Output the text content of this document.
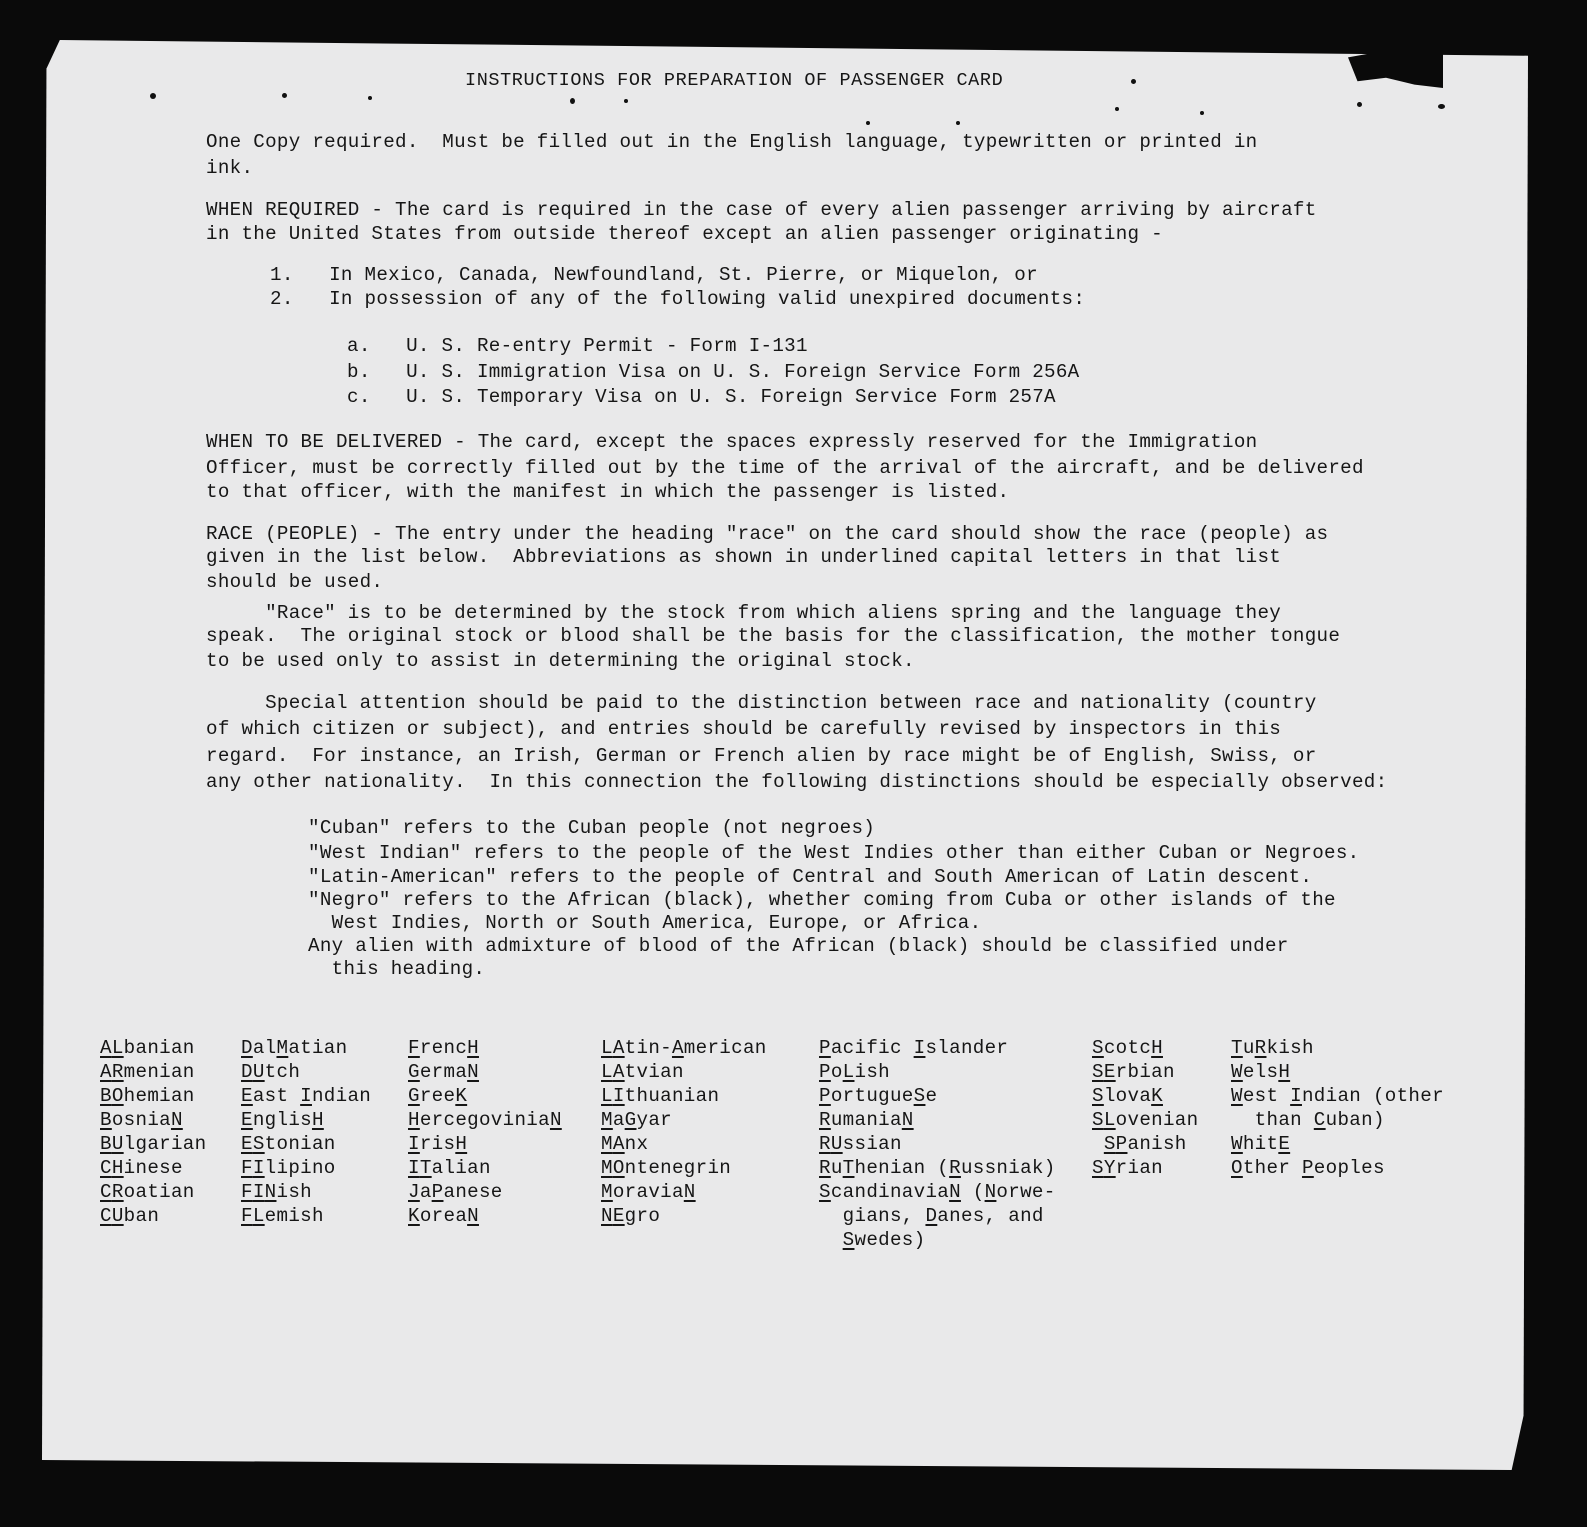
INSTRUCTIONS FOR PREPARATION OF PASSENGER CARD
One Copy required.  Must be filled out in the English language, typewritten or printed in
ink.
WHEN REQUIRED - The card is required in the case of every alien passenger arriving by aircraft
in the United States from outside thereof except an alien passenger originating -
1.   In Mexico, Canada, Newfoundland, St. Pierre, or Miquelon, or
2.   In possession of any of the following valid unexpired documents:
a.   U. S. Re-entry Permit - Form I-131
b.   U. S. Immigration Visa on U. S. Foreign Service Form 256A
c.   U. S. Temporary Visa on U. S. Foreign Service Form 257A
WHEN TO BE DELIVERED - The card, except the spaces expressly reserved for the Immigration
Officer, must be correctly filled out by the time of the arrival of the aircraft, and be delivered
to that officer, with the manifest in which the passenger is listed.
RACE (PEOPLE) - The entry under the heading "race" on the card should show the race (people) as
given in the list below.  Abbreviations as shown in underlined capital letters in that list
should be used.
"Race" is to be determined by the stock from which aliens spring and the language they
speak.  The original stock or blood shall be the basis for the classification, the mother tongue
to be used only to assist in determining the original stock.
Special attention should be paid to the distinction between race and nationality (country
of which citizen or subject), and entries should be carefully revised by inspectors in this
regard.  For instance, an Irish, German or French alien by race might be of English, Swiss, or
any other nationality.  In this connection the following distinctions should be especially observed:
"Cuban" refers to the Cuban people (not negroes)
"West Indian" refers to the people of the West Indies other than either Cuban or Negroes.
"Latin-American" refers to the people of Central and South American of Latin descent.
"Negro" refers to the African (black), whether coming from Cuba or other islands of the
West Indies, North or South America, Europe, or Africa.
Any alien with admixture of blood of the African (black) should be classified under
this heading.
ALbanian
ARmenian
BOhemian
BosniaN
BUlgarian
CHinese
CRoatian
CUban
DalMatian
DUtch
East Indian
EnglisH
EStonian
FIlipino
FINish
FLemish
FrencH
GermaN
GreeK
HercegoviniaN
IrisH
ITalian
JaPanese
KoreaN
LAtin-American
LAtvian
LIthuanian
MaGyar
MAnx
MOntenegrin
MoraviaN
NEgro
Pacific Islander
PoLish
PortugueSe
RumaniaN
RUssian
RuThenian (Russniak)
ScandinaviaN (Norwe-
gians, Danes, and
Swedes)
ScotcH
SErbian
SlovaK
SLovenian
SPanish
SYrian
TuRkish
WelsH
West Indian (other
than Cuban)
WhitE
Other Peoples
